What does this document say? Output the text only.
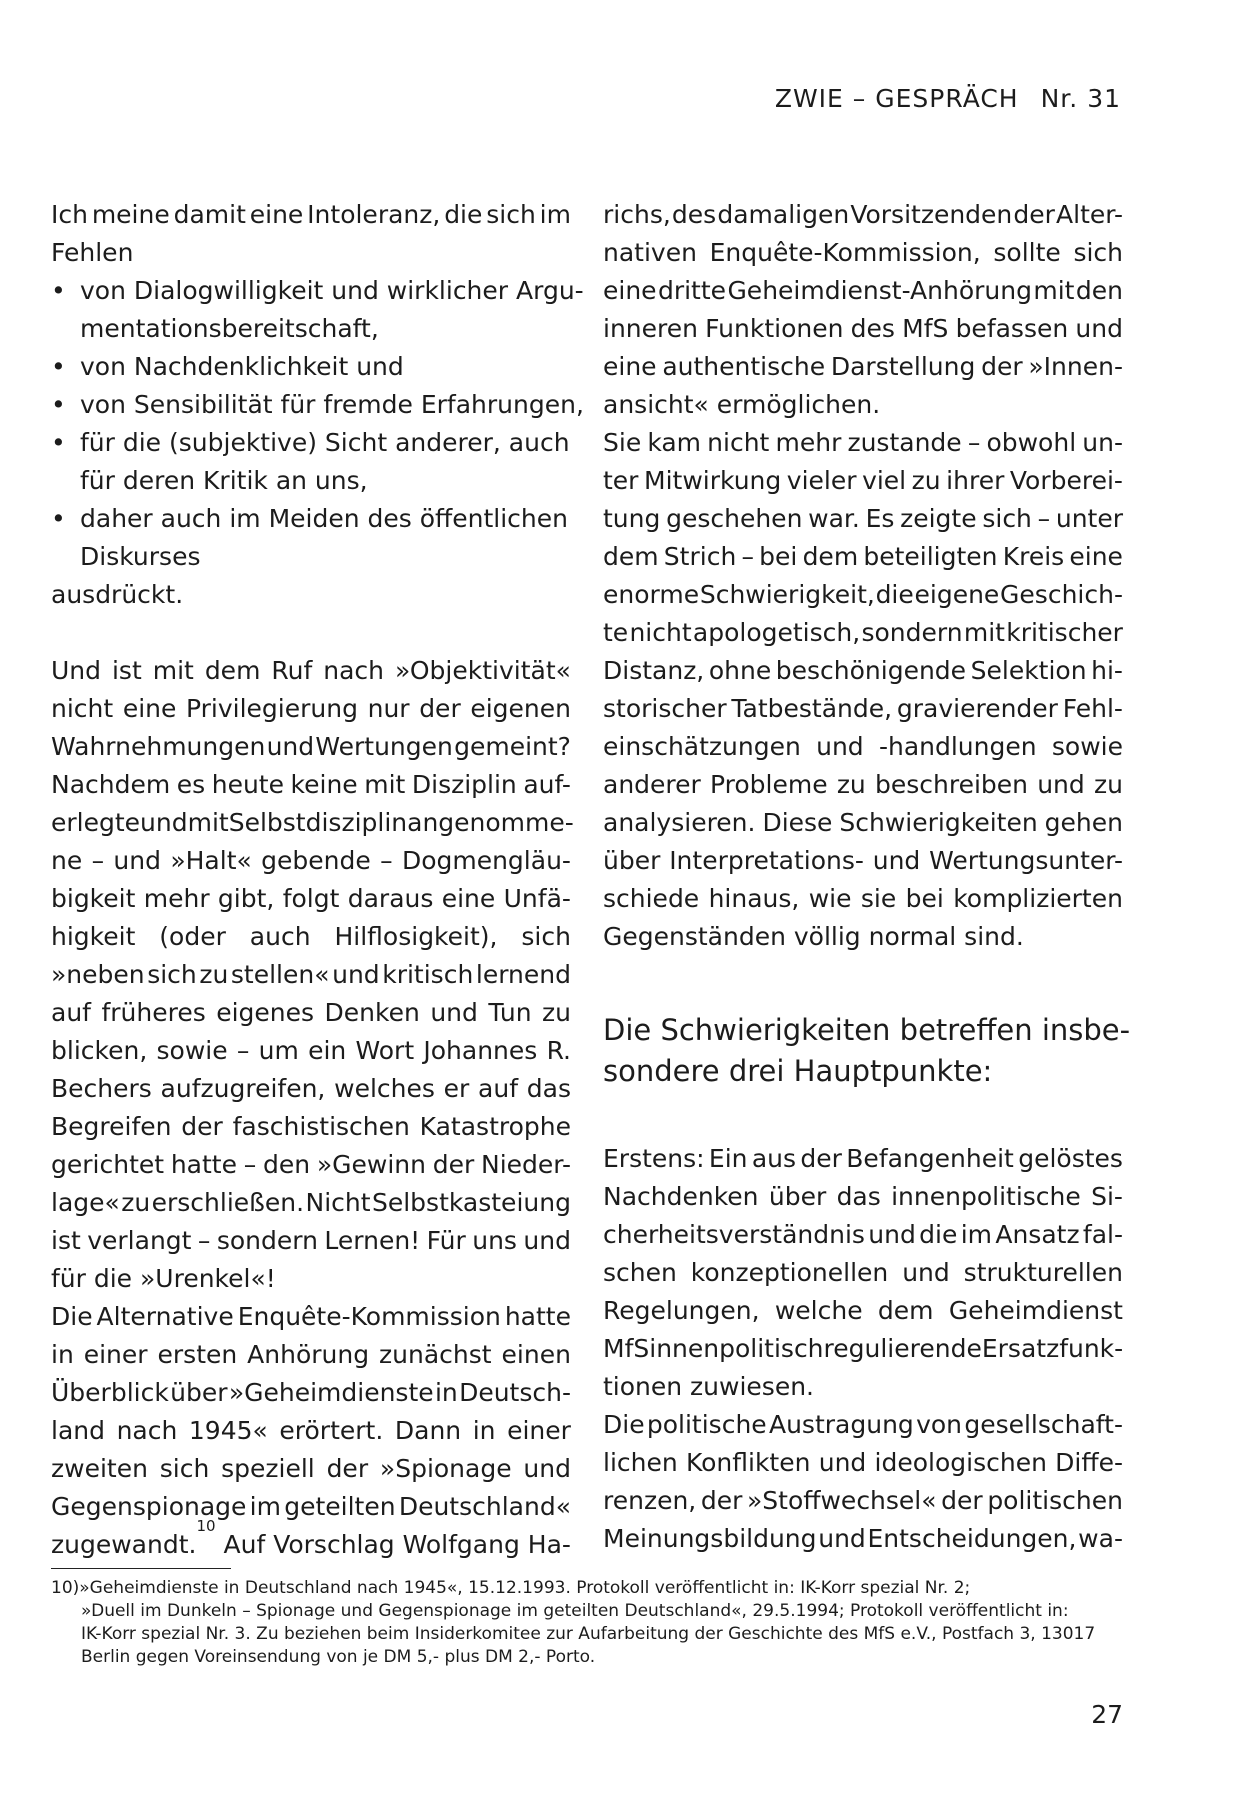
ZWIE – GESPRÄCH Nr. 31
Ich meine damit eine Intoleranz, die sich im
Fehlen
• von Dialogwilligkeit und wirklicher Argu-
mentationsbereitschaft,
• von Nachdenklichkeit und
• von Sensibilität für fremde Erfahrungen,
• für die (subjektive) Sicht anderer, auch
für deren Kritik an uns,
• daher auch im Meiden des öffentlichen
Diskurses
ausdrückt.
Und ist mit dem Ruf nach »Objektivität«
nicht eine Privilegierung nur der eigenen
Wahrnehmungen und Wertungen gemeint?
Nachdem es heute keine mit Disziplin auf-
erlegte und mit Selbstdisziplin angenomme-
ne – und »Halt« gebende – Dogmengläu-
bigkeit mehr gibt, folgt daraus eine Unfä-
higkeit (oder auch Hilflosigkeit), sich
»neben sich zu stellen« und kritisch lernend
auf früheres eigenes Denken und Tun zu
blicken, sowie – um ein Wort Johannes R.
Bechers aufzugreifen, welches er auf das
Begreifen der faschistischen Katastrophe
gerichtet hatte – den »Gewinn der Nieder-
lage« zu erschließen. Nicht Selbstkasteiung
ist verlangt – sondern Lernen! Für uns und
für die »Urenkel«!
Die Alternative Enquête-Kommission hatte
in einer ersten Anhörung zunächst einen
Überblick über »Geheimdienste in Deutsch-
land nach 1945« erörtert. Dann in einer
zweiten sich speziell der »Spionage und
Gegenspionage im geteilten Deutschland«
zugewandt.
10

Auf Vorschlag Wolfgang Ha-
richs, des damaligen Vorsitzenden der Alter-
nativen Enquête-Kommission, sollte sich
eine dritte Geheimdienst-Anhörung mit den
inneren Funktionen des MfS befassen und
eine authentische Darstellung der »Innen-
ansicht« ermöglichen.
Sie kam nicht mehr zustande – obwohl un-
ter Mitwirkung vieler viel zu ihrer Vorberei-
tung geschehen war. Es zeigte sich – unter
dem Strich – bei dem beteiligten Kreis eine
enorme Schwierigkeit, die eigene Geschich-
te nicht apologetisch, sondern mit kritischer
Distanz, ohne beschönigende Selektion hi-
storischer Tatbestände, gravierender Fehl-
einschätzungen und -handlungen sowie
anderer Probleme zu beschreiben und zu
analysieren. Diese Schwierigkeiten gehen
über Interpretations- und Wertungsunter-
schiede hinaus, wie sie bei komplizierten
Gegenständen völlig normal sind.
Die Schwierigkeiten betreffen insbe-
sondere drei Hauptpunkte:
Erstens: Ein aus der Befangenheit gelöstes
Nachdenken über das innenpolitische Si-
cherheitsverständnis und die im Ansatz fal-
schen konzeptionellen und strukturellen
Regelungen, welche dem Geheimdienst
MfS innenpolitisch regulierende Ersatzfunk-
tionen zuwiesen.
Die politische Austragung von gesellschaft-
lichen Konflikten und ideologischen Diffe-
renzen, der »Stoffwechsel« der politischen
Meinungsbildung und Entscheidungen, wa-
10)»Geheimdienste in Deutschland nach 1945«, 15.12.1993. Protokoll veröffentlicht in: IK-Korr spezial Nr. 2;
»Duell im Dunkeln – Spionage und Gegenspionage im geteilten Deutschland«, 29.5.1994; Protokoll veröffentlicht in:
IK-Korr spezial Nr. 3. Zu beziehen beim Insiderkomitee zur Aufarbeitung der Geschichte des MfS e.V., Postfach 3, 13017
Berlin gegen Voreinsendung von je DM 5,- plus DM 2,- Porto.
27
